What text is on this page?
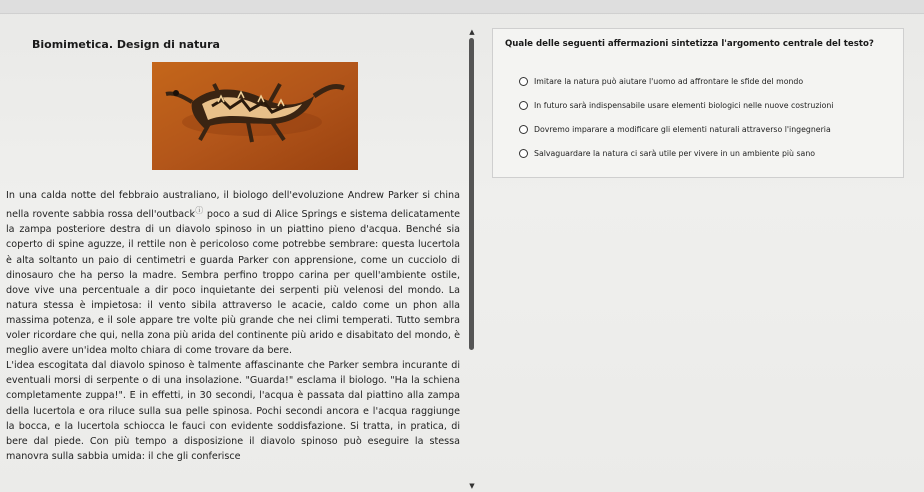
Biomimetica. Design di natura

In una calda notte del febbraio australiano, il biologo dell'evoluzione Andrew Parker si china nella rovente sabbia rossa dell'outbackⓘ poco a sud di Alice Springs e sistema delicatamente la zampa posteriore destra di un diavolo spinoso in un piattino pieno d'acqua. Benché sia coperto di spine aguzze, il rettile non è pericoloso come potrebbe sembrare: questa lucertola è alta soltanto un paio di centimetri e guarda Parker con apprensione, come un cucciolo di dinosauro che ha perso la madre. Sembra perfino troppo carina per quell'ambiente ostile, dove vive una percentuale a dir poco inquietante dei serpenti più velenosi del mondo. La natura stessa è impietosa: il vento sibila attraverso le acacie, caldo come un phon alla massima potenza, e il sole appare tre volte più grande che nei climi temperati. Tutto sembra voler ricordare che qui, nella zona più arida del continente più arido e disabitato del mondo, è meglio avere un'idea molto chiara di come trovare da bere.

L'idea escogitata dal diavolo spinoso è talmente affascinante che Parker sembra incurante di eventuali morsi di serpente o di una insolazione. "Guarda!" esclama il biologo. "Ha la schiena completamente zuppa!". E in effetti, in 30 secondi, l'acqua è passata dal piattino alla zampa della lucertola e ora riluce sulla sua pelle spinosa. Pochi secondi ancora e l'acqua raggiunge la bocca, e la lucertola schiocca le fauci con evidente soddisfazione. Si tratta, in pratica, di bere dal piede. Con più tempo a disposizione il diavolo spinoso può eseguire la stessa manovra sulla sabbia umida: il che gli conferisce

▲
▼
Quale delle seguenti affermazioni sintetizza l'argomento centrale del testo?
Imitare la natura può aiutare l'uomo ad affrontare le sfide del mondo
In futuro sarà indispensabile usare elementi biologici nelle nuove costruzioni
Dovremo imparare a modificare gli elementi naturali attraverso l'ingegneria
Salvaguardare la natura ci sarà utile per vivere in un ambiente più sano
